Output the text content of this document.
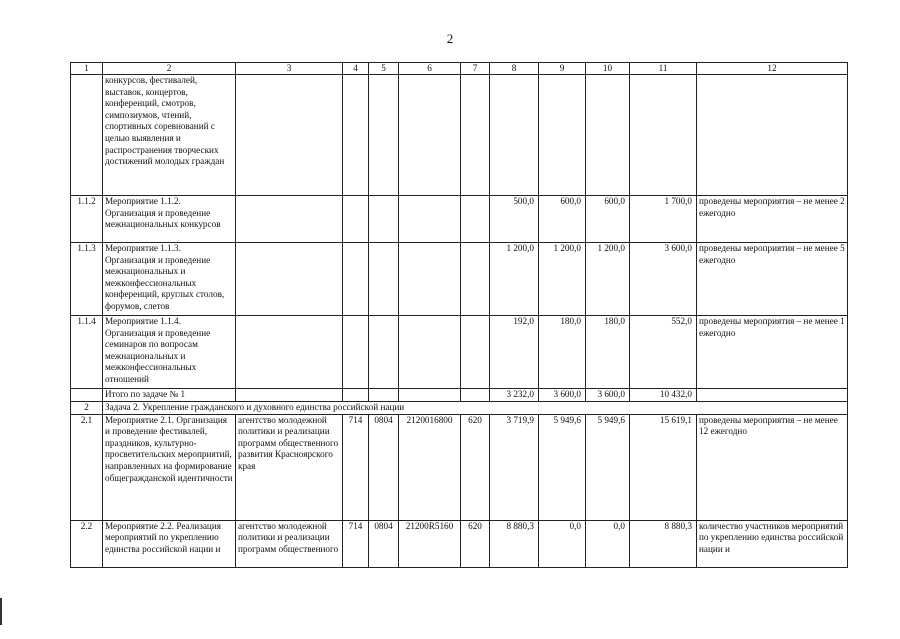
2
1	2	3	4	5	6	7	8	9	10	11	12
	конкурсов, фестивалей, выставок, концертов, конференций, смотров, симпозиумов, чтений, спортивных соревнований с целью выявления и распространения творческих достижений молодых граждан										
1.1.2	Мероприятие 1.1.2. Организация и проведение межнациональных конкурсов						500,0	600,0	600,0	1 700,0	проведены мероприятия – не менее 2 ежегодно
1.1.3	Мероприятие 1.1.3. Организация и проведение межнациональных и межконфессиональных конференций, круглых столов, форумов, слетов						1 200,0	1 200,0	1 200,0	3 600,0	проведены мероприятия – не менее 5 ежегодно
1.1.4	Мероприятие 1.1.4. Организация и проведение семинаров по вопросам межнациональных и межконфессиональных отношений						192,0	180,0	180,0	552,0	проведены мероприятия – не менее 1 ежегодно
	Итого по задаче № 1						3 232,0	3 600,0	3 600,0	10 432,0	
2	Задача 2. Укрепление гражданского и духовного единства российской нации										
2.1	Мероприятие 2.1. Организация и проведение фестивалей, праздников, культурно-просветительских мероприятий, направленных на формирование общегражданской идентичности	агентство молодежной политики и реализации программ общественного развития Красноярского края	714	0804	2120016800	620	3 719,9	5 949,6	5 949,6	15 619,1	проведены мероприятия – не менее 12 ежегодно
2.2	Мероприятие 2.2. Реализация мероприятий по укреплению единства российской нации и	агентство молодежной политики и реализации программ общественного	714	0804	21200R5160	620	8 880,3	0,0	0,0	8 880,3	количество участников мероприятий по укреплению единства российской нации и
